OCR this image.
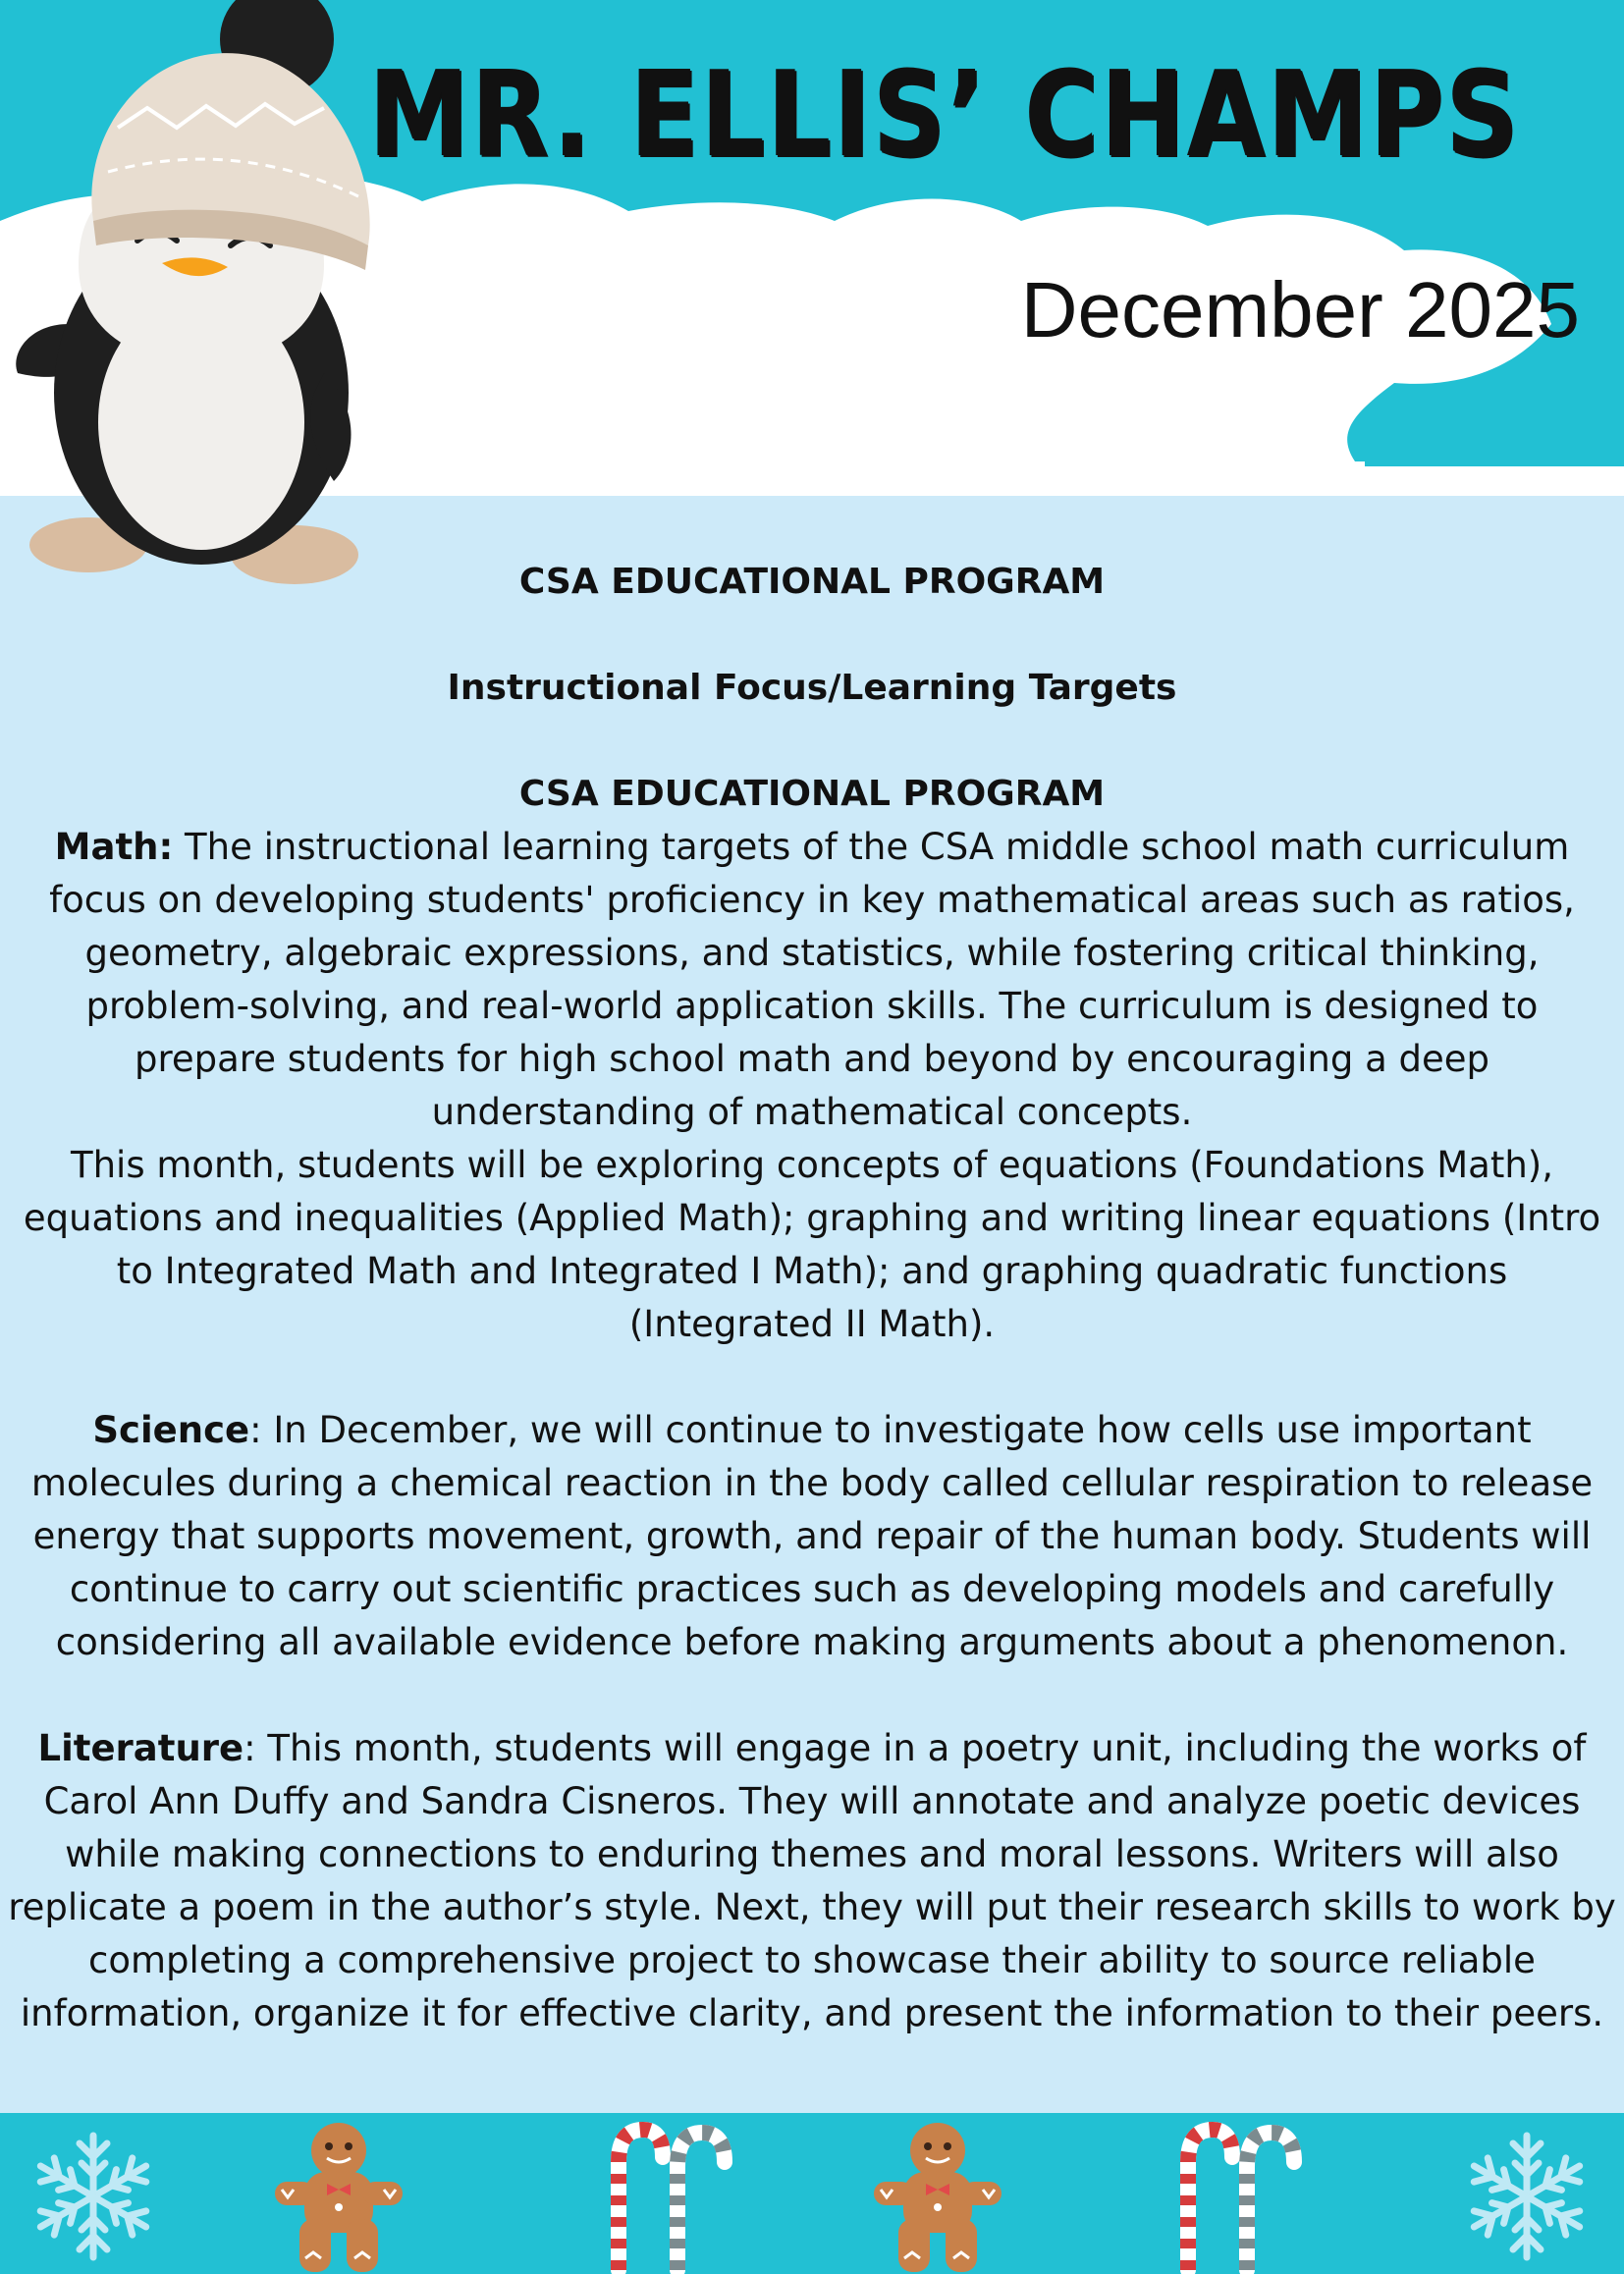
MR. ELLIS’ CHAMPS
December 2025

CSA EDUCATIONAL PROGRAM

Instructional Focus/Learning Targets

CSA EDUCATIONAL PROGRAM

Math: The instructional learning targets of the CSA middle school math curriculum

focus on developing students' proficiency in key mathematical areas such as ratios,

geometry, algebraic expressions, and statistics, while fostering critical thinking,

problem-solving, and real-world application skills. The curriculum is designed to

prepare students for high school math and beyond by encouraging a deep

understanding of mathematical concepts.

This month, students will be exploring concepts of equations (Foundations Math),

equations and inequalities (Applied Math); graphing and writing linear equations (Intro

to Integrated Math and Integrated I Math); and graphing quadratic functions

(Integrated II Math).

Science: In December, we will continue to investigate how cells use important

molecules during a chemical reaction in the body called cellular respiration to release

energy that supports movement, growth, and repair of the human body. Students will

continue to carry out scientific practices such as developing models and carefully

considering all available evidence before making arguments about a phenomenon.

Literature: This month, students will engage in a poetry unit, including the works of

Carol Ann Duffy and Sandra Cisneros. They will annotate and analyze poetic devices

while making connections to enduring themes and moral lessons. Writers will also

replicate a poem in the author’s style. Next, they will put their research skills to work by

completing a comprehensive project to showcase their ability to source reliable

information, organize it for effective clarity, and present the information to their peers.
